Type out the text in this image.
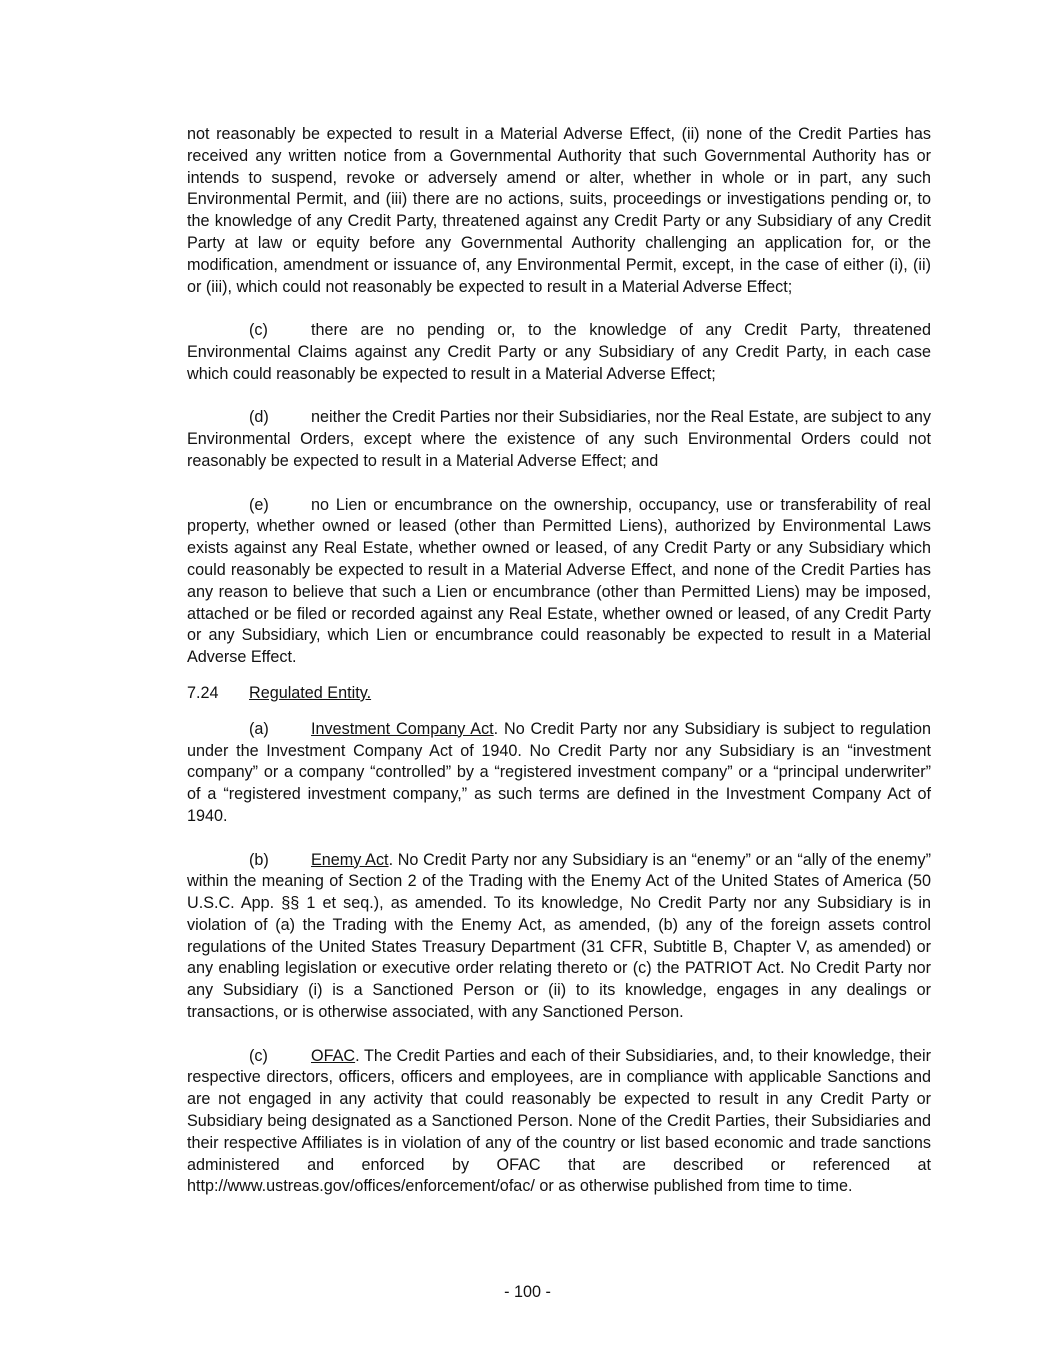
not reasonably be expected to result in a Material Adverse Effect, (ii) none of the Credit Parties has received any written notice from a Governmental Authority that such Governmental Authority has or intends to suspend, revoke or adversely amend or alter, whether in whole or in part, any such Environmental Permit, and (iii) there are no actions, suits, proceedings or investigations pending or, to the knowledge of any Credit Party, threatened against any Credit Party or any Subsidiary of any Credit Party at law or equity before any Governmental Authority challenging an application for, or the modification, amendment or issuance of, any Environmental Permit, except, in the case of either (i), (ii) or (iii), which could not reasonably be expected to result in a Material Adverse Effect;

(c)	there are no pending or, to the knowledge of any Credit Party, threatened Environmental Claims against any Credit Party or any Subsidiary of any Credit Party, in each case which could reasonably be expected to result in a Material Adverse Effect;

(d)	neither the Credit Parties nor their Subsidiaries, nor the Real Estate, are subject to any Environmental Orders, except where the existence of any such Environmental Orders could not reasonably be expected to result in a Material Adverse Effect; and

(e)	no Lien or encumbrance on the ownership, occupancy, use or transferability of real property, whether owned or leased (other than Permitted Liens), authorized by Environmental Laws exists against any Real Estate, whether owned or leased, of any Credit Party or any Subsidiary which could reasonably be expected to result in a Material Adverse Effect, and none of the Credit Parties has any reason to believe that such a Lien or encumbrance (other than Permitted Liens) may be imposed, attached or be filed or recorded against any Real Estate, whether owned or leased, of any Credit Party or any Subsidiary, which Lien or encumbrance could reasonably be expected to result in a Material Adverse Effect.

7.24 Regulated Entity.

(a)	Investment Company Act. No Credit Party nor any Subsidiary is subject to regulation under the Investment Company Act of 1940. No Credit Party nor any Subsidiary is an “investment company” or a company “controlled” by a “registered investment company” or a “principal underwriter” of a “registered investment company,” as such terms are defined in the Investment Company Act of 1940.

(b)	Enemy Act. No Credit Party nor any Subsidiary is an “enemy” or an “ally of the enemy” within the meaning of Section 2 of the Trading with the Enemy Act of the United States of America (50 U.S.C. App. §§ 1 et seq.), as amended. To its knowledge, No Credit Party nor any Subsidiary is in violation of (a) the Trading with the Enemy Act, as amended, (b) any of the foreign assets control regulations of the United States Treasury Department (31 CFR, Subtitle B, Chapter V, as amended) or any enabling legislation or executive order relating thereto or (c) the PATRIOT Act. No Credit Party nor any Subsidiary (i) is a Sanctioned Person or (ii) to its knowledge, engages in any dealings or transactions, or is otherwise associated, with any Sanctioned Person.

(c)	OFAC. The Credit Parties and each of their Subsidiaries, and, to their knowledge, their respective directors, officers, officers and employees, are in compliance with applicable Sanctions and are not engaged in any activity that could reasonably be expected to result in any Credit Party or Subsidiary being designated as a Sanctioned Person. None of the Credit Parties, their Subsidiaries and their respective Affiliates is in violation of any of the country or list based economic and trade sanctions administered and enforced by OFAC that are described or referenced at http://www.ustreas.gov/offices/enforcement/ofac/ or as otherwise published from time to time.

- 100 -
